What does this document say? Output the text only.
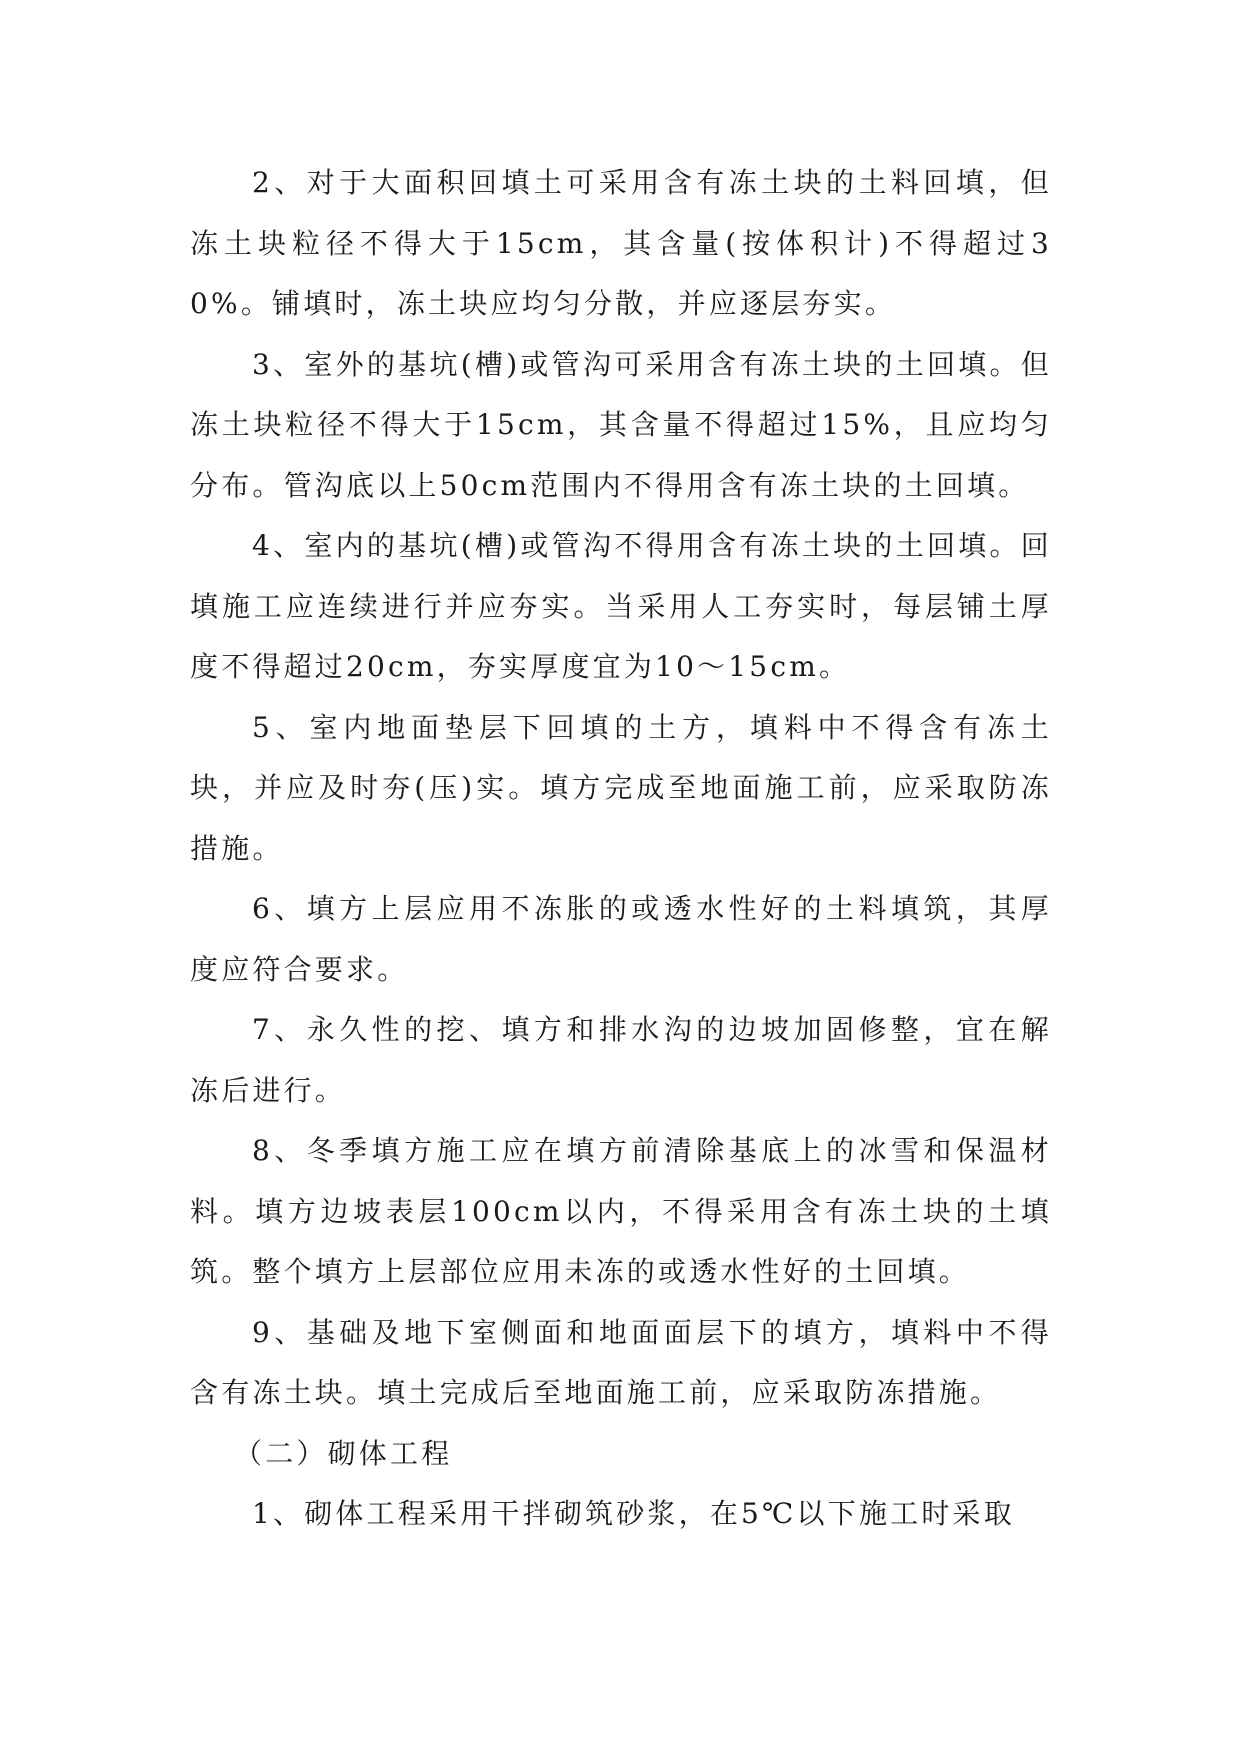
2、对于大面积回填土可采用含有冻土块的土料回填，但冻土块粒径不得大于15cm，其含量(按体积计)不得超过30%。铺填时，冻土块应均匀分散，并应逐层夯实。

3、室外的基坑(槽)或管沟可采用含有冻土块的土回填。但冻土块粒径不得大于15cm，其含量不得超过15%，且应均匀分布。管沟底以上50cm范围内不得用含有冻土块的土回填。

4、室内的基坑(槽)或管沟不得用含有冻土块的土回填。回填施工应连续进行并应夯实。当采用人工夯实时，每层铺土厚度不得超过20cm，夯实厚度宜为10～15cm。

5、室内地面垫层下回填的土方，填料中不得含有冻土块，并应及时夯(压)实。填方完成至地面施工前，应采取防冻措施。

6、填方上层应用不冻胀的或透水性好的土料填筑，其厚度应符合要求。

7、永久性的挖、填方和排水沟的边坡加固修整，宜在解冻后进行。

8、冬季填方施工应在填方前清除基底上的冰雪和保温材料。填方边坡表层100cm以内，不得采用含有冻土块的土填筑。整个填方上层部位应用未冻的或透水性好的土回填。

9、基础及地下室侧面和地面面层下的填方，填料中不得含有冻土块。填土完成后至地面施工前，应采取防冻措施。

（二）砌体工程

1、砌体工程采用干拌砌筑砂浆，在5℃以下施工时采取
